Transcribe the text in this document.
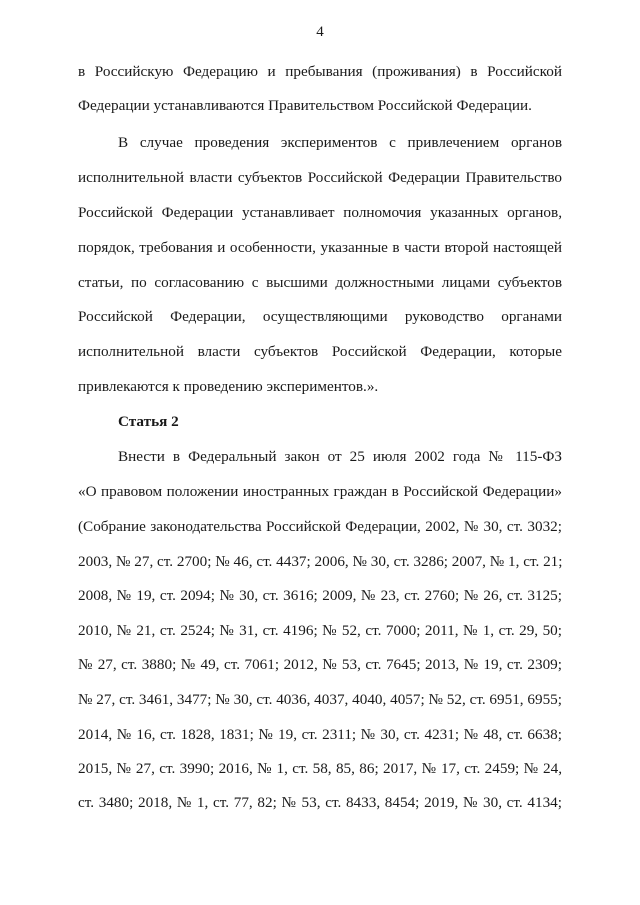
4
в Российскую Федерацию и пребывания (проживания) в Российской
Федерации устанавливаются Правительством Российской Федерации.
В случае проведения экспериментов с привлечением органов
исполнительной власти субъектов Российской Федерации Правительство
Российской Федерации устанавливает полномочия указанных органов,
порядок, требования и особенности, указанные в части второй настоящей
статьи, по согласованию с высшими должностными лицами субъектов
Российской Федерации, осуществляющими руководство органами
исполнительной власти субъектов Российской Федерации, которые
привлекаются к проведению экспериментов.».
Статья 2
Внести в Федеральный закон от 25 июля 2002 года № 115-ФЗ
«О правовом положении иностранных граждан в Российской Федерации»
(Собрание законодательства Российской Федерации, 2002, № 30, ст. 3032;
2003, № 27, ст. 2700; № 46, ст. 4437; 2006, № 30, ст. 3286; 2007, № 1, ст. 21;
2008, № 19, ст. 2094; № 30, ст. 3616; 2009, № 23, ст. 2760; № 26, ст. 3125;
2010, № 21, ст. 2524; № 31, ст. 4196; № 52, ст. 7000; 2011, № 1, ст. 29, 50;
№ 27, ст. 3880; № 49, ст. 7061; 2012, № 53, ст. 7645; 2013, № 19, ст. 2309;
№ 27, ст. 3461, 3477; № 30, ст. 4036, 4037, 4040, 4057; № 52, ст. 6951, 6955;
2014, № 16, ст. 1828, 1831; № 19, ст. 2311; № 30, ст. 4231; № 48, ст. 6638;
2015, № 27, ст. 3990; 2016, № 1, ст. 58, 85, 86; 2017, № 17, ст. 2459; № 24,
ст. 3480; 2018, № 1, ст. 77, 82; № 53, ст. 8433, 8454; 2019, № 30, ст. 4134;
